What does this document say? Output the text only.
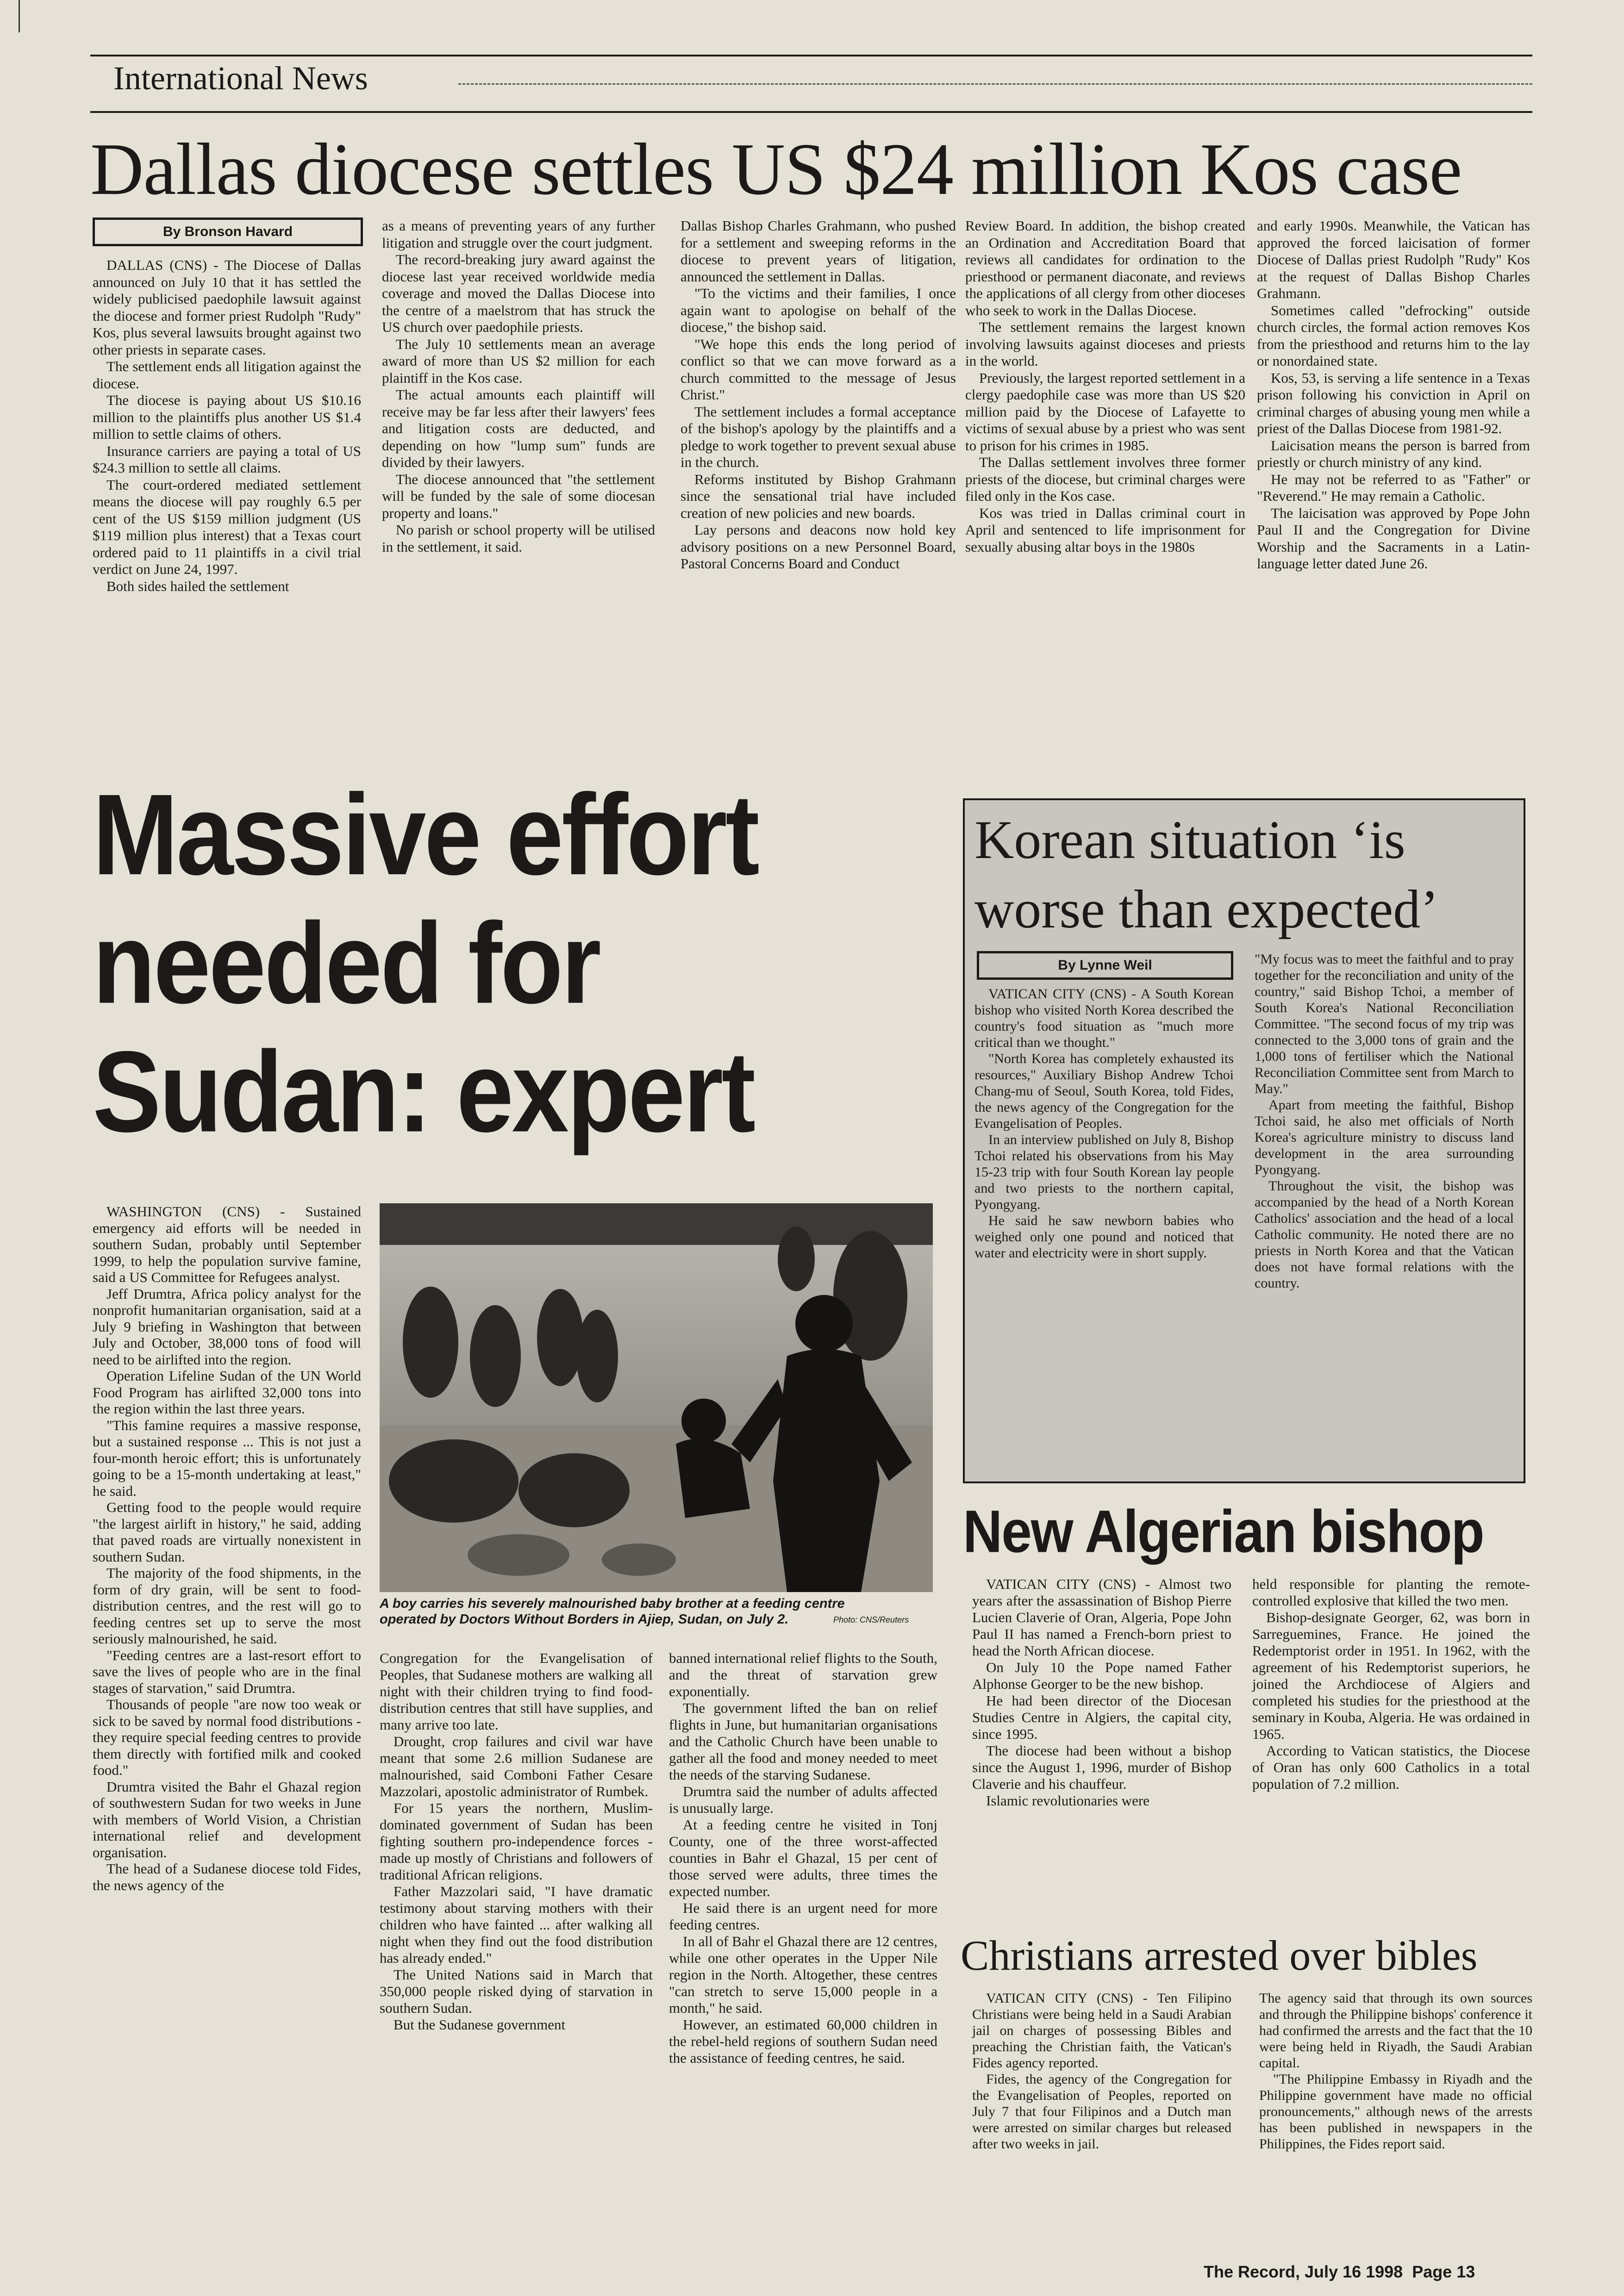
International News
Dallas diocese settles US $24 million Kos case
By Bronson Havard

DALLAS (CNS) - The Diocese of Dallas announced on July 10 that it has settled the widely publicised paedophile lawsuit against the diocese and former priest Rudolph "Rudy" Kos, plus several lawsuits brought against two other priests in separate cases.

The settlement ends all litigation against the diocese.

The diocese is paying about US $10.16 million to the plaintiffs plus another US $1.4 million to settle claims of others.

Insurance carriers are paying a total of US $24.3 million to settle all claims.

The court-ordered mediated settlement means the diocese will pay roughly 6.5 per cent of the US $159 million judgment (US $119 million plus interest) that a Texas court ordered paid to 11 plaintiffs in a civil trial verdict on June 24, 1997.

Both sides hailed the settlement

as a means of preventing years of any further litigation and struggle over the court judgment.

The record-breaking jury award against the diocese last year received worldwide media coverage and moved the Dallas Diocese into the centre of a maelstrom that has struck the US church over paedophile priests.

The July 10 settlements mean an average award of more than US $2 million for each plaintiff in the Kos case.

The actual amounts each plaintiff will receive may be far less after their lawyers' fees and litigation costs are deducted, and depending on how "lump sum" funds are divided by their lawyers.

The diocese announced that "the settlement will be funded by the sale of some diocesan property and loans."

No parish or school property will be utilised in the settlement, it said.

Dallas Bishop Charles Grahmann, who pushed for a settlement and sweeping reforms in the diocese to prevent years of litigation, announced the settlement in Dallas.

"To the victims and their families, I once again want to apologise on behalf of the diocese," the bishop said.

"We hope this ends the long period of conflict so that we can move forward as a church committed to the message of Jesus Christ."

The settlement includes a formal acceptance of the bishop's apology by the plaintiffs and a pledge to work together to prevent sexual abuse in the church.

Reforms instituted by Bishop Grahmann since the sensational trial have included creation of new policies and new boards.

Lay persons and deacons now hold key advisory positions on a new Personnel Board, Pastoral Concerns Board and Conduct

Review Board. In addition, the bishop created an Ordination and Accreditation Board that reviews all candidates for ordination to the priesthood or permanent diaconate, and reviews the applications of all clergy from other dioceses who seek to work in the Dallas Diocese.

The settlement remains the largest known involving lawsuits against dioceses and priests in the world.

Previously, the largest reported settlement in a clergy paedophile case was more than US $20 million paid by the Diocese of Lafayette to victims of sexual abuse by a priest who was sent to prison for his crimes in 1985.

The Dallas settlement involves three former priests of the diocese, but criminal charges were filed only in the Kos case.

Kos was tried in Dallas criminal court in April and sentenced to life imprisonment for sexually abusing altar boys in the 1980s

and early 1990s. Meanwhile, the Vatican has approved the forced laicisation of former Diocese of Dallas priest Rudolph "Rudy" Kos at the request of Dallas Bishop Charles Grahmann.

Sometimes called "defrocking" outside church circles, the formal action removes Kos from the priesthood and returns him to the lay or nonordained state.

Kos, 53, is serving a life sentence in a Texas prison following his conviction in April on criminal charges of abusing young men while a priest of the Dallas Diocese from 1981-92.

Laicisation means the person is barred from priestly or church ministry of any kind.

He may not be referred to as "Father" or "Reverend." He may remain a Catholic.

The laicisation was approved by Pope John Paul II and the Congregation for Divine Worship and the Sacraments in a Latin-language letter dated June 26.

Massive effort
needed for
Sudan: expert
A boy carries his severely malnourished baby brother at a feeding centre operated by Doctors Without Borders in Ajiep, Sudan, on July 2.	Photo: CNS/Reuters

WASHINGTON (CNS) - Sustained emergency aid efforts will be needed in southern Sudan, probably until September 1999, to help the population survive famine, said a US Committee for Refugees analyst.

Jeff Drumtra, Africa policy analyst for the nonprofit humanitarian organisation, said at a July 9 briefing in Washington that between July and October, 38,000 tons of food will need to be airlifted into the region.

Operation Lifeline Sudan of the UN World Food Program has airlifted 32,000 tons into the region within the last three years.

"This famine requires a massive response, but a sustained response ... This is not just a four-month heroic effort; this is unfortunately going to be a 15-month undertaking at least," he said.

Getting food to the people would require "the largest airlift in history," he said, adding that paved roads are virtually nonexistent in southern Sudan.

The majority of the food shipments, in the form of dry grain, will be sent to food-distribution centres, and the rest will go to feeding centres set up to serve the most seriously malnourished, he said.

"Feeding centres are a last-resort effort to save the lives of people who are in the final stages of starvation," said Drumtra.

Thousands of people "are now too weak or sick to be saved by normal food distributions - they require special feeding centres to provide them directly with fortified milk and cooked food."

Drumtra visited the Bahr el Ghazal region of southwestern Sudan for two weeks in June with members of World Vision, a Christian international relief and development organisation.

The head of a Sudanese diocese told Fides, the news agency of the

Congregation for the Evangelisation of Peoples, that Sudanese mothers are walking all night with their children trying to find food-distribution centres that still have supplies, and many arrive too late.

Drought, crop failures and civil war have meant that some 2.6 million Sudanese are malnourished, said Comboni Father Cesare Mazzolari, apostolic administrator of Rumbek.

For 15 years the northern, Muslim-dominated government of Sudan has been fighting southern pro-independence forces - made up mostly of Christians and followers of traditional African religions.

Father Mazzolari said, "I have dramatic testimony about starving mothers with their children who have fainted ... after walking all night when they find out the food distribution has already ended."

The United Nations said in March that 350,000 people risked dying of starvation in southern Sudan.

But the Sudanese government

banned international relief flights to the South, and the threat of starvation grew exponentially.

The government lifted the ban on relief flights in June, but humanitarian organisations and the Catholic Church have been unable to gather all the food and money needed to meet the needs of the starving Sudanese.

Drumtra said the number of adults affected is unusually large.

At a feeding centre he visited in Tonj County, one of the three worst-affected counties in Bahr el Ghazal, 15 per cent of those served were adults, three times the expected number.

He said there is an urgent need for more feeding centres.

In all of Bahr el Ghazal there are 12 centres, while one other operates in the Upper Nile region in the North. Altogether, these centres "can stretch to serve 15,000 people in a month," he said.

However, an estimated 60,000 children in the rebel-held regions of southern Sudan need the assistance of feeding centres, he said.

Korean situation ‘is
worse than expected’
By Lynne Weil

VATICAN CITY (CNS) - A South Korean bishop who visited North Korea described the country's food situation as "much more critical than we thought."

"North Korea has completely exhausted its resources," Auxiliary Bishop Andrew Tchoi Chang-mu of Seoul, South Korea, told Fides, the news agency of the Congregation for the Evangelisation of Peoples.

In an interview published on July 8, Bishop Tchoi related his observations from his May 15-23 trip with four South Korean lay people and two priests to the northern capital, Pyongyang.

He said he saw newborn babies who weighed only one pound and noticed that water and electricity were in short supply.

"My focus was to meet the faithful and to pray together for the reconciliation and unity of the country," said Bishop Tchoi, a member of South Korea's National Reconciliation Committee. "The second focus of my trip was connected to the 3,000 tons of grain and the 1,000 tons of fertiliser which the National Reconciliation Committee sent from March to May."

Apart from meeting the faithful, Bishop Tchoi said, he also met officials of North Korea's agriculture ministry to discuss land development in the area surrounding Pyongyang.

Throughout the visit, the bishop was accompanied by the head of a North Korean Catholics' association and the head of a local Catholic community. He noted there are no priests in North Korea and that the Vatican does not have formal relations with the country.

New Algerian bishop

VATICAN CITY (CNS) - Almost two years after the assassination of Bishop Pierre Lucien Claverie of Oran, Algeria, Pope John Paul II has named a French-born priest to head the North African diocese.

On July 10 the Pope named Father Alphonse Georger to be the new bishop.

He had been director of the Diocesan Studies Centre in Algiers, the capital city, since 1995.

The diocese had been without a bishop since the August 1, 1996, murder of Bishop Claverie and his chauffeur.

Islamic revolutionaries were

held responsible for planting the remote-controlled explosive that killed the two men.

Bishop-designate Georger, 62, was born in Sarreguemines, France. He joined the Redemptorist order in 1951. In 1962, with the agreement of his Redemptorist superiors, he joined the Archdiocese of Algiers and completed his studies for the priesthood at the seminary in Kouba, Algeria. He was ordained in 1965.

According to Vatican statistics, the Diocese of Oran has only 600 Catholics in a total population of 7.2 million.

Christians arrested over bibles

VATICAN CITY (CNS) - Ten Filipino Christians were being held in a Saudi Arabian jail on charges of possessing Bibles and preaching the Christian faith, the Vatican's Fides agency reported.

Fides, the agency of the Congregation for the Evangelisation of Peoples, reported on July 7 that four Filipinos and a Dutch man were arrested on similar charges but released after two weeks in jail.

The agency said that through its own sources and through the Philippine bishops' conference it had confirmed the arrests and the fact that the 10 were being held in Riyadh, the Saudi Arabian capital.

"The Philippine Embassy in Riyadh and the Philippine government have made no official pronouncements," although news of the arrests has been published in newspapers in the Philippines, the Fides report said.

The Record, July 16 1998  Page 13
